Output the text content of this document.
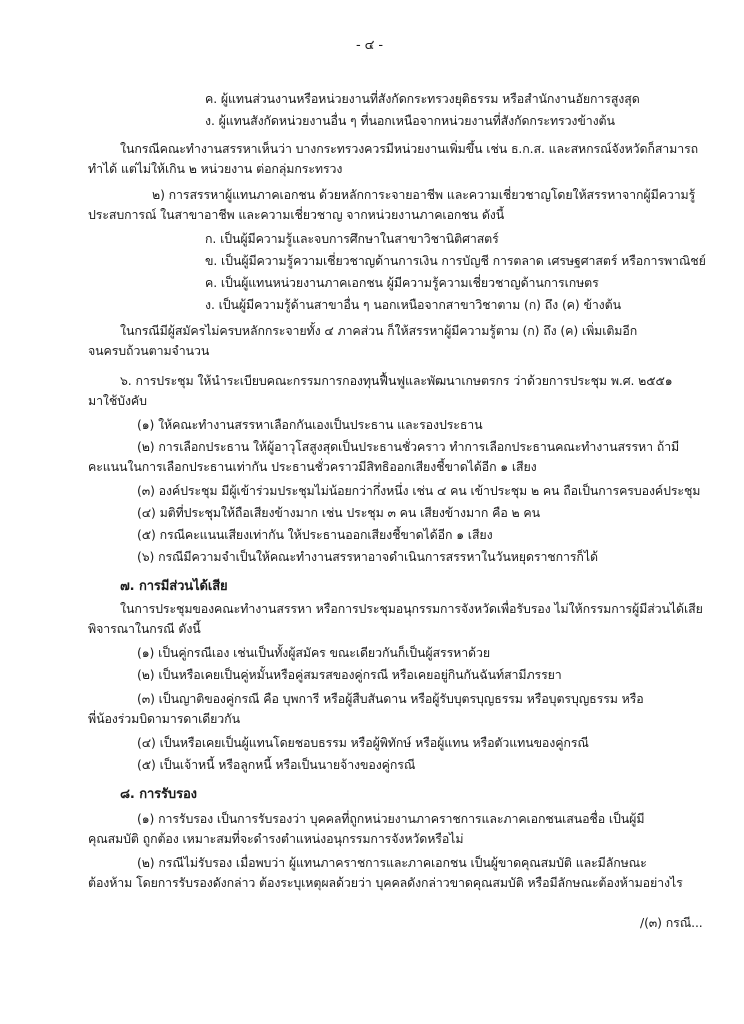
- ๔ -
ค. ผู้แทนส่วนงานหรือหน่วยงานที่สังกัดกระทรวงยุติธรรม หรือสำนักงานอัยการสูงสุด
ง. ผู้แทนสังกัดหน่วยงานอื่น ๆ ที่นอกเหนือจากหน่วยงานที่สังกัดกระทรวงข้างต้น
ในกรณีคณะทำงานสรรหาเห็นว่า บางกระทรวงควรมีหน่วยงานเพิ่มขึ้น เช่น ธ.ก.ส. และสหกรณ์จังหวัดก็สามารถ
ทำได้ แต่ไม่ให้เกิน ๒ หน่วยงาน ต่อกลุ่มกระทรวง
๒) การสรรหาผู้แทนภาคเอกชน ด้วยหลักการะจายอาชีพ และความเชี่ยวชาญโดยให้สรรหาจากผู้มีความรู้
ประสบการณ์ ในสาขาอาชีพ และความเชี่ยวชาญ จากหน่วยงานภาคเอกชน ดังนี้
ก. เป็นผู้มีความรู้และจบการศึกษาในสาขาวิชานิติศาสตร์
ข. เป็นผู้มีความรู้ความเชี่ยวชาญด้านการเงิน การบัญชี การตลาด เศรษฐศาสตร์ หรือการพาณิชย์
ค. เป็นผู้แทนหน่วยงานภาคเอกชน ผู้มีความรู้ความเชี่ยวชาญด้านการเกษตร
ง. เป็นผู้มีความรู้ด้านสาขาอื่น ๆ นอกเหนือจากสาขาวิชาตาม (ก) ถึง (ค) ข้างต้น
ในกรณีมีผู้สมัครไม่ครบหลักกระจายทั้ง ๔ ภาคส่วน ก็ให้สรรหาผู้มีความรู้ตาม (ก) ถึง (ค) เพิ่มเติมอีก
จนครบถ้วนตามจำนวน
๖. การประชุม ให้นำระเบียบคณะกรรมการกองทุนฟื้นฟูและพัฒนาเกษตรกร ว่าด้วยการประชุม พ.ศ. ๒๕๕๑
มาใช้บังคับ
(๑) ให้คณะทำงานสรรหาเลือกกันเองเป็นประธาน และรองประธาน
(๒) การเลือกประธาน ให้ผู้อาวุโสสูงสุดเป็นประธานชั่วคราว ทำการเลือกประธานคณะทำงานสรรหา ถ้ามี
คะแนนในการเลือกประธานเท่ากัน ประธานชั่วคราวมีสิทธิออกเสียงชี้ขาดได้อีก ๑ เสียง
(๓) องค์ประชุม มีผู้เข้าร่วมประชุมไม่น้อยกว่ากึ่งหนึ่ง เช่น ๔ คน เข้าประชุม ๒ คน ถือเป็นการครบองค์ประชุม
(๔) มติที่ประชุมให้ถือเสียงข้างมาก เช่น ประชุม ๓ คน เสียงข้างมาก คือ ๒ คน
(๕) กรณีคะแนนเสียงเท่ากัน ให้ประธานออกเสียงชี้ขาดได้อีก ๑ เสียง
(๖) กรณีมีความจำเป็นให้คณะทำงานสรรหาอาจดำเนินการสรรหาในวันหยุดราชการก็ได้
๗. การมีส่วนได้เสีย
ในการประชุมของคณะทำงานสรรหา หรือการประชุมอนุกรรมการจังหวัดเพื่อรับรอง ไม่ให้กรรมการผู้มีส่วนได้เสีย
พิจารณาในกรณี ดังนี้
(๑) เป็นคู่กรณีเอง เช่นเป็นทั้งผู้สมัคร ขณะเดียวกันก็เป็นผู้สรรหาด้วย
(๒) เป็นหรือเคยเป็นคู่หมั้นหรือคู่สมรสของคู่กรณี หรือเคยอยู่กินกันฉันท์สามีภรรยา
(๓) เป็นญาติของคู่กรณี คือ บุพการี หรือผู้สืบสันดาน หรือผู้รับบุตรบุญธรรม หรือบุตรบุญธรรม หรือ
พี่น้องร่วมบิดามารดาเดียวกัน
(๔) เป็นหรือเคยเป็นผู้แทนโดยชอบธรรม หรือผู้พิทักษ์ หรือผู้แทน หรือตัวแทนของคู่กรณี
(๕) เป็นเจ้าหนี้ หรือลูกหนี้ หรือเป็นนายจ้างของคู่กรณี
๘. การรับรอง
(๑) การรับรอง เป็นการรับรองว่า บุคคลที่ถูกหน่วยงานภาคราชการและภาคเอกชนเสนอชื่อ เป็นผู้มี
คุณสมบัติ ถูกต้อง เหมาะสมที่จะดำรงตำแหน่งอนุกรรมการจังหวัดหรือไม่
(๒) กรณีไม่รับรอง เมื่อพบว่า ผู้แทนภาคราชการและภาคเอกชน เป็นผู้ขาดคุณสมบัติ และมีลักษณะ
ต้องห้าม โดยการรับรองดังกล่าว ต้องระบุเหตุผลด้วยว่า บุคคลดังกล่าวขาดคุณสมบัติ หรือมีลักษณะต้องห้ามอย่างไร
/(๓) กรณี...
